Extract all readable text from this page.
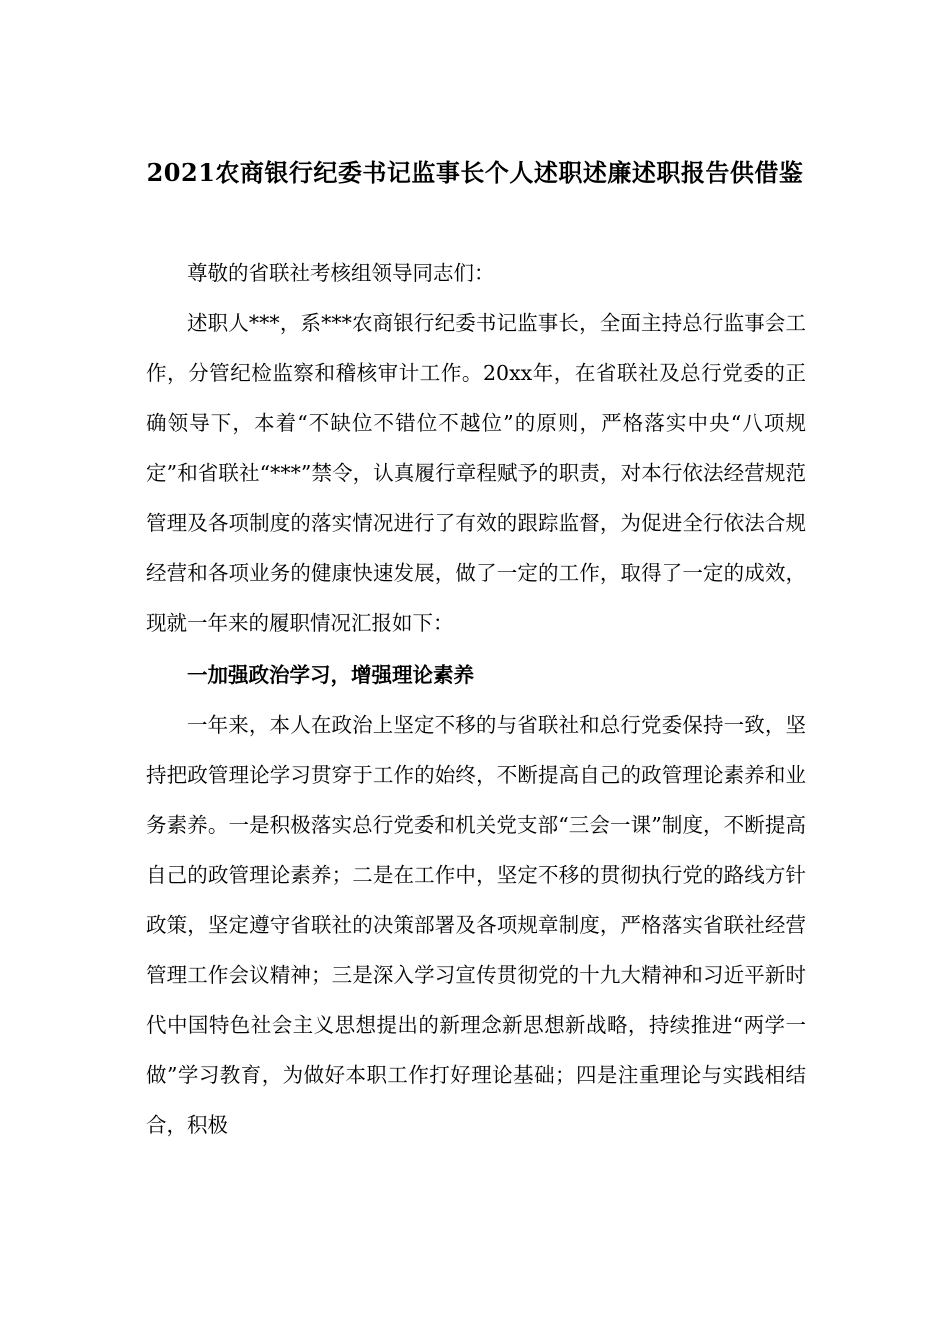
2021农商银行纪委书记监事长个人述职述廉述职报告供借鉴

尊敬的省联社考核组领导同志们：

述职人***，系***农商银行纪委书记监事长，全面主持总行监事会工作，分管纪检监察和稽核审计工作。20xx年，在省联社及总行党委的正确领导下，本着“不缺位不错位不越位”的原则，严格落实中央“八项规定”和省联社“***”禁令，认真履行章程赋予的职责，对本行依法经营规范管理及各项制度的落实情况进行了有效的跟踪监督，为促进全行依法合规经营和各项业务的健康快速发展，做了一定的工作，取得了一定的成效，现就一年来的履职情况汇报如下：

一加强政治学习，增强理论素养

一年来，本人在政治上坚定不移的与省联社和总行党委保持一致，坚持把政管理论学习贯穿于工作的始终，不断提高自己的政管理论素养和业务素养。一是积极落实总行党委和机关党支部“三会一课”制度，不断提高自己的政管理论素养；二是在工作中，坚定不移的贯彻执行党的路线方针政策，坚定遵守省联社的决策部署及各项规章制度，严格落实省联社经营管理工作会议精神；三是深入学习宣传贯彻党的十九大精神和习近平新时代中国特色社会主义思想提出的新理念新思想新战略，持续推进“两学一做”学习教育，为做好本职工作打好理论基础；四是注重理论与实践相结合，积极
